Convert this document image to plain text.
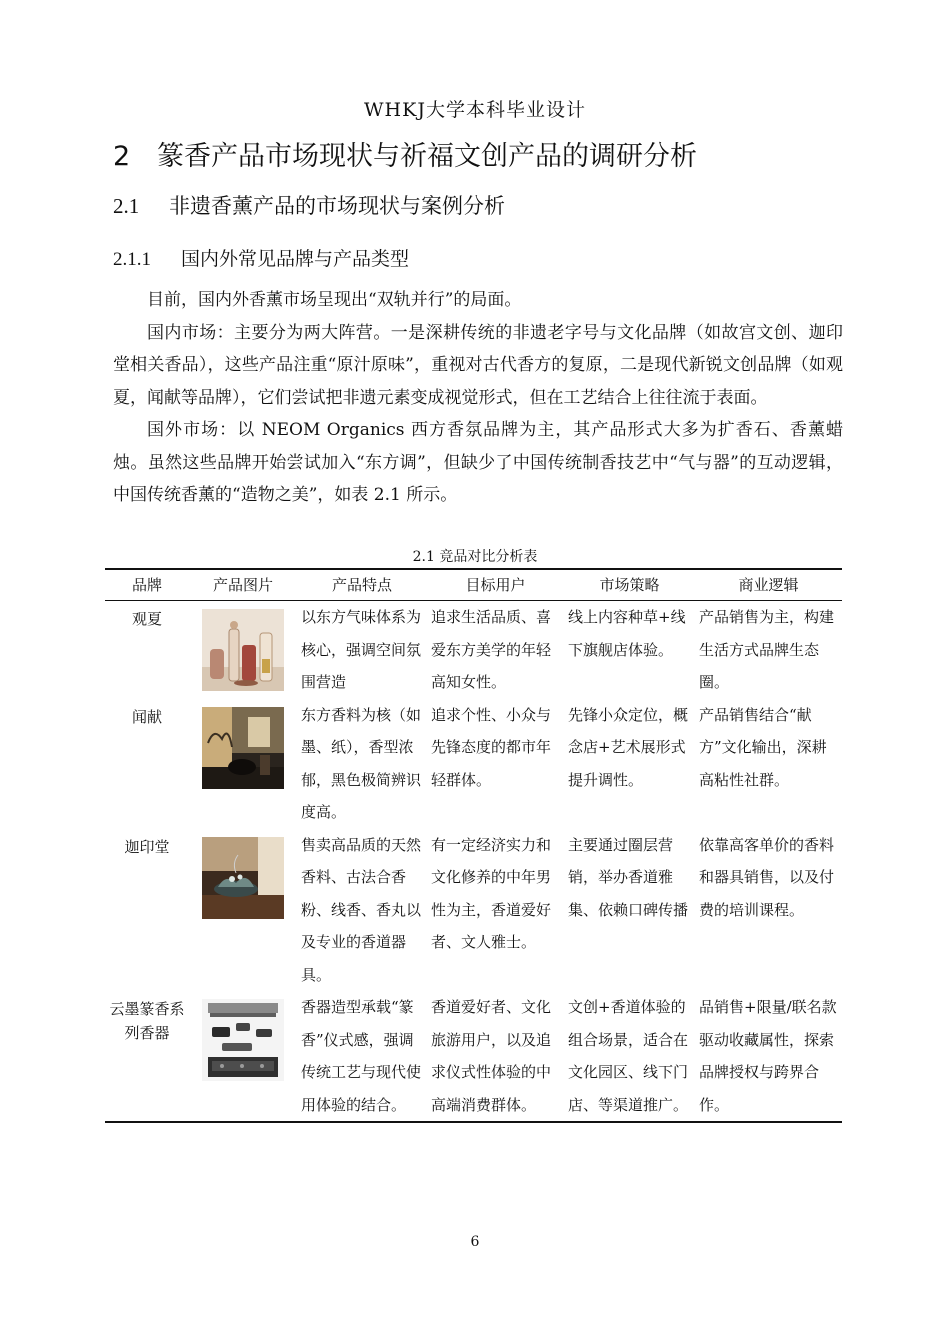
WHKJ大学本科毕业设计
2 篆香产品市场现状与祈福文创产品的调研分析
2.1 非遗香薰产品的市场现状与案例分析
2.1.1 国内外常见品牌与产品类型

目前，国内外香薰市场呈现出“双轨并行”的局面。

国内市场：主要分为两大阵营。一是深耕传统的非遗老字号与文化品牌（如故宫文创、迦印堂相关香品），这些产品注重“原汁原味”，重视对古代香方的复原，二是现代新锐文创品牌（如观夏，闻献等品牌），它们尝试把非遗元素变成视觉形式，但在工艺结合上往往流于表面。

国外市场：以 NEOM Organics 西方香氛品牌为主，其产品形式大多为扩香石、香薰蜡烛。虽然这些品牌开始尝试加入“东方调”，但缺少了中国传统制香技艺中“气与器”的互动逻辑，中国传统香薰的“造物之美”，如表 2.1 所示。

2.1 竞品对比分析表
品牌	产品图片	产品特点	目标用户	市场策略	商业逻辑
观夏		以东方气味体系为核心，强调空间氛围营造	追求生活品质、喜爱东方美学的年轻高知女性。	线上内容种草+线下旗舰店体验。	产品销售为主，构建生活方式品牌生态圈。
闻献		东方香料为核（如墨、纸），香型浓郁，黑色极简辨识度高。	追求个性、小众与先锋态度的都市年轻群体。	先锋小众定位，概念店+艺术展形式提升调性。	产品销售结合“献方”文化输出，深耕高粘性社群。
迦印堂		售卖高品质的天然香料、古法合香粉、线香、香丸以及专业的香道器具。	有一定经济实力和文化修养的中年男性为主，香道爱好者、文人雅士。	主要通过圈层营销，举办香道雅集、依赖口碑传播	依靠高客单价的香料和器具销售，以及付费的培训课程。
云墨篆香系列香器		香器造型承载“篆香”仪式感，强调传统工艺与现代使用体验的结合。	香道爱好者、文化旅游用户，以及追求仪式性体验的中高端消费群体。	文创+香道体验的组合场景，适合在文化园区、线下门店、等渠道推广。	品销售+限量/联名款驱动收藏属性，探索品牌授权与跨界合作。
6
